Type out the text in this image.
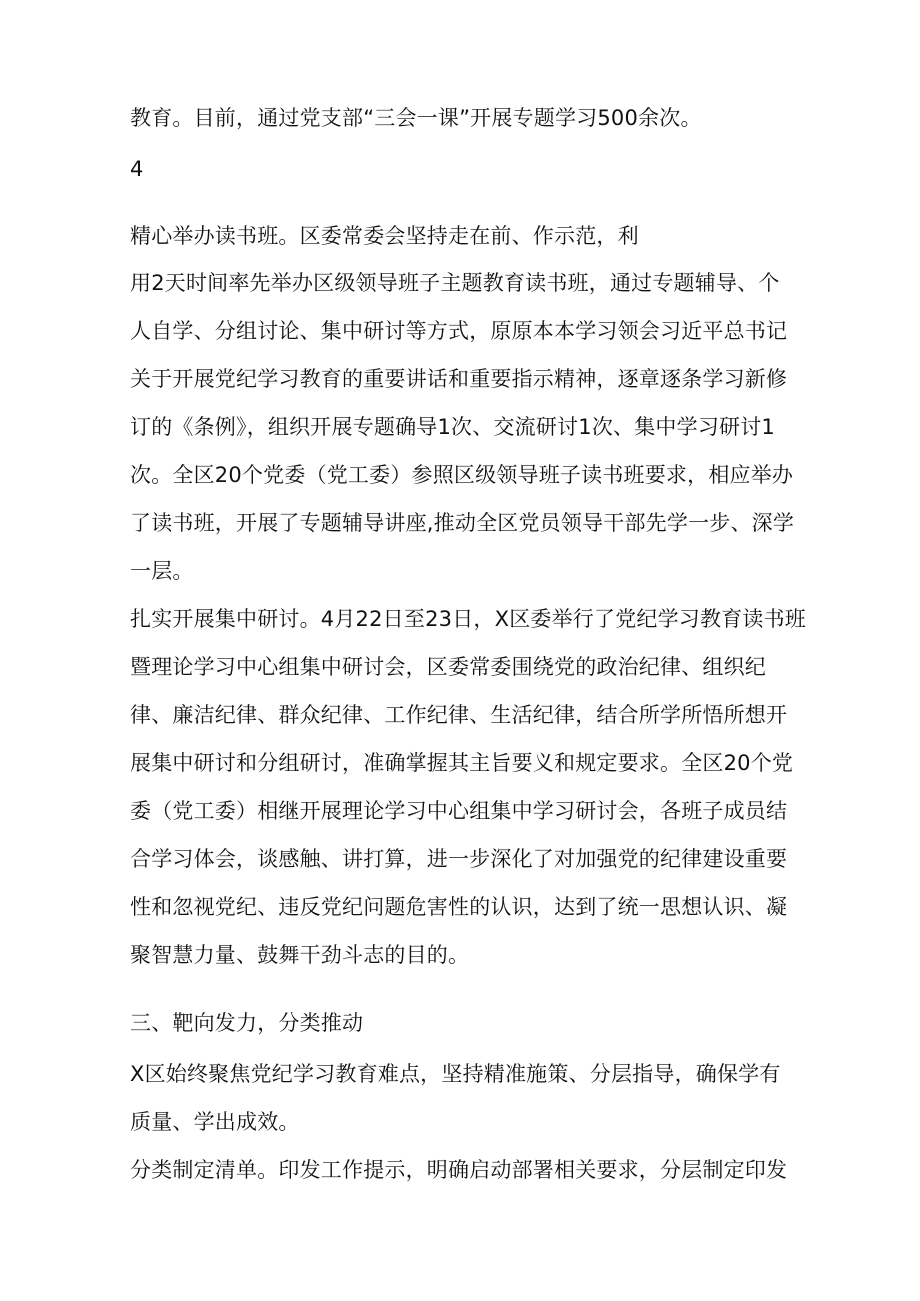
教育。目前，通过党支部“三会一课”开展专题学习500余次。
4
精心举办读书班。区委常委会坚持走在前、作示范，利
用2天时间率先举办区级领导班子主题教育读书班，通过专题辅导、个
人自学、分组讨论、集中研讨等方式，原原本本学习领会习近平总书记
关于开展党纪学习教育的重要讲话和重要指示精神，逐章逐条学习新修
订的《条例》，组织开展专题确导1次、交流研讨1次、集中学习研讨1
次。全区20个党委（党工委）参照区级领导班子读书班要求，相应举办
了读书班，开展了专题辅导讲座,推动全区党员领导干部先学一步、深学
一层。
扎实开展集中研讨。4月22日至23日，X区委举行了党纪学习教育读书班
暨理论学习中心组集中研讨会，区委常委围绕党的政治纪律、组织纪
律、廉洁纪律、群众纪律、工作纪律、生活纪律，结合所学所悟所想开
展集中研讨和分组研讨，准确掌握其主旨要义和规定要求。全区20个党
委（党工委）相继开展理论学习中心组集中学习研讨会，各班子成员结
合学习体会，谈感触、讲打算，进一步深化了对加强党的纪律建设重要
性和忽视党纪、违反党纪问题危害性的认识，达到了统一思想认识、凝
聚智慧力量、鼓舞干劲斗志的目的。
三、靶向发力，分类推动
X区始终聚焦党纪学习教育难点，坚持精准施策、分层指导，确保学有
质量、学出成效。
分类制定清单。印发工作提示，明确启动部署相关要求，分层制定印发
